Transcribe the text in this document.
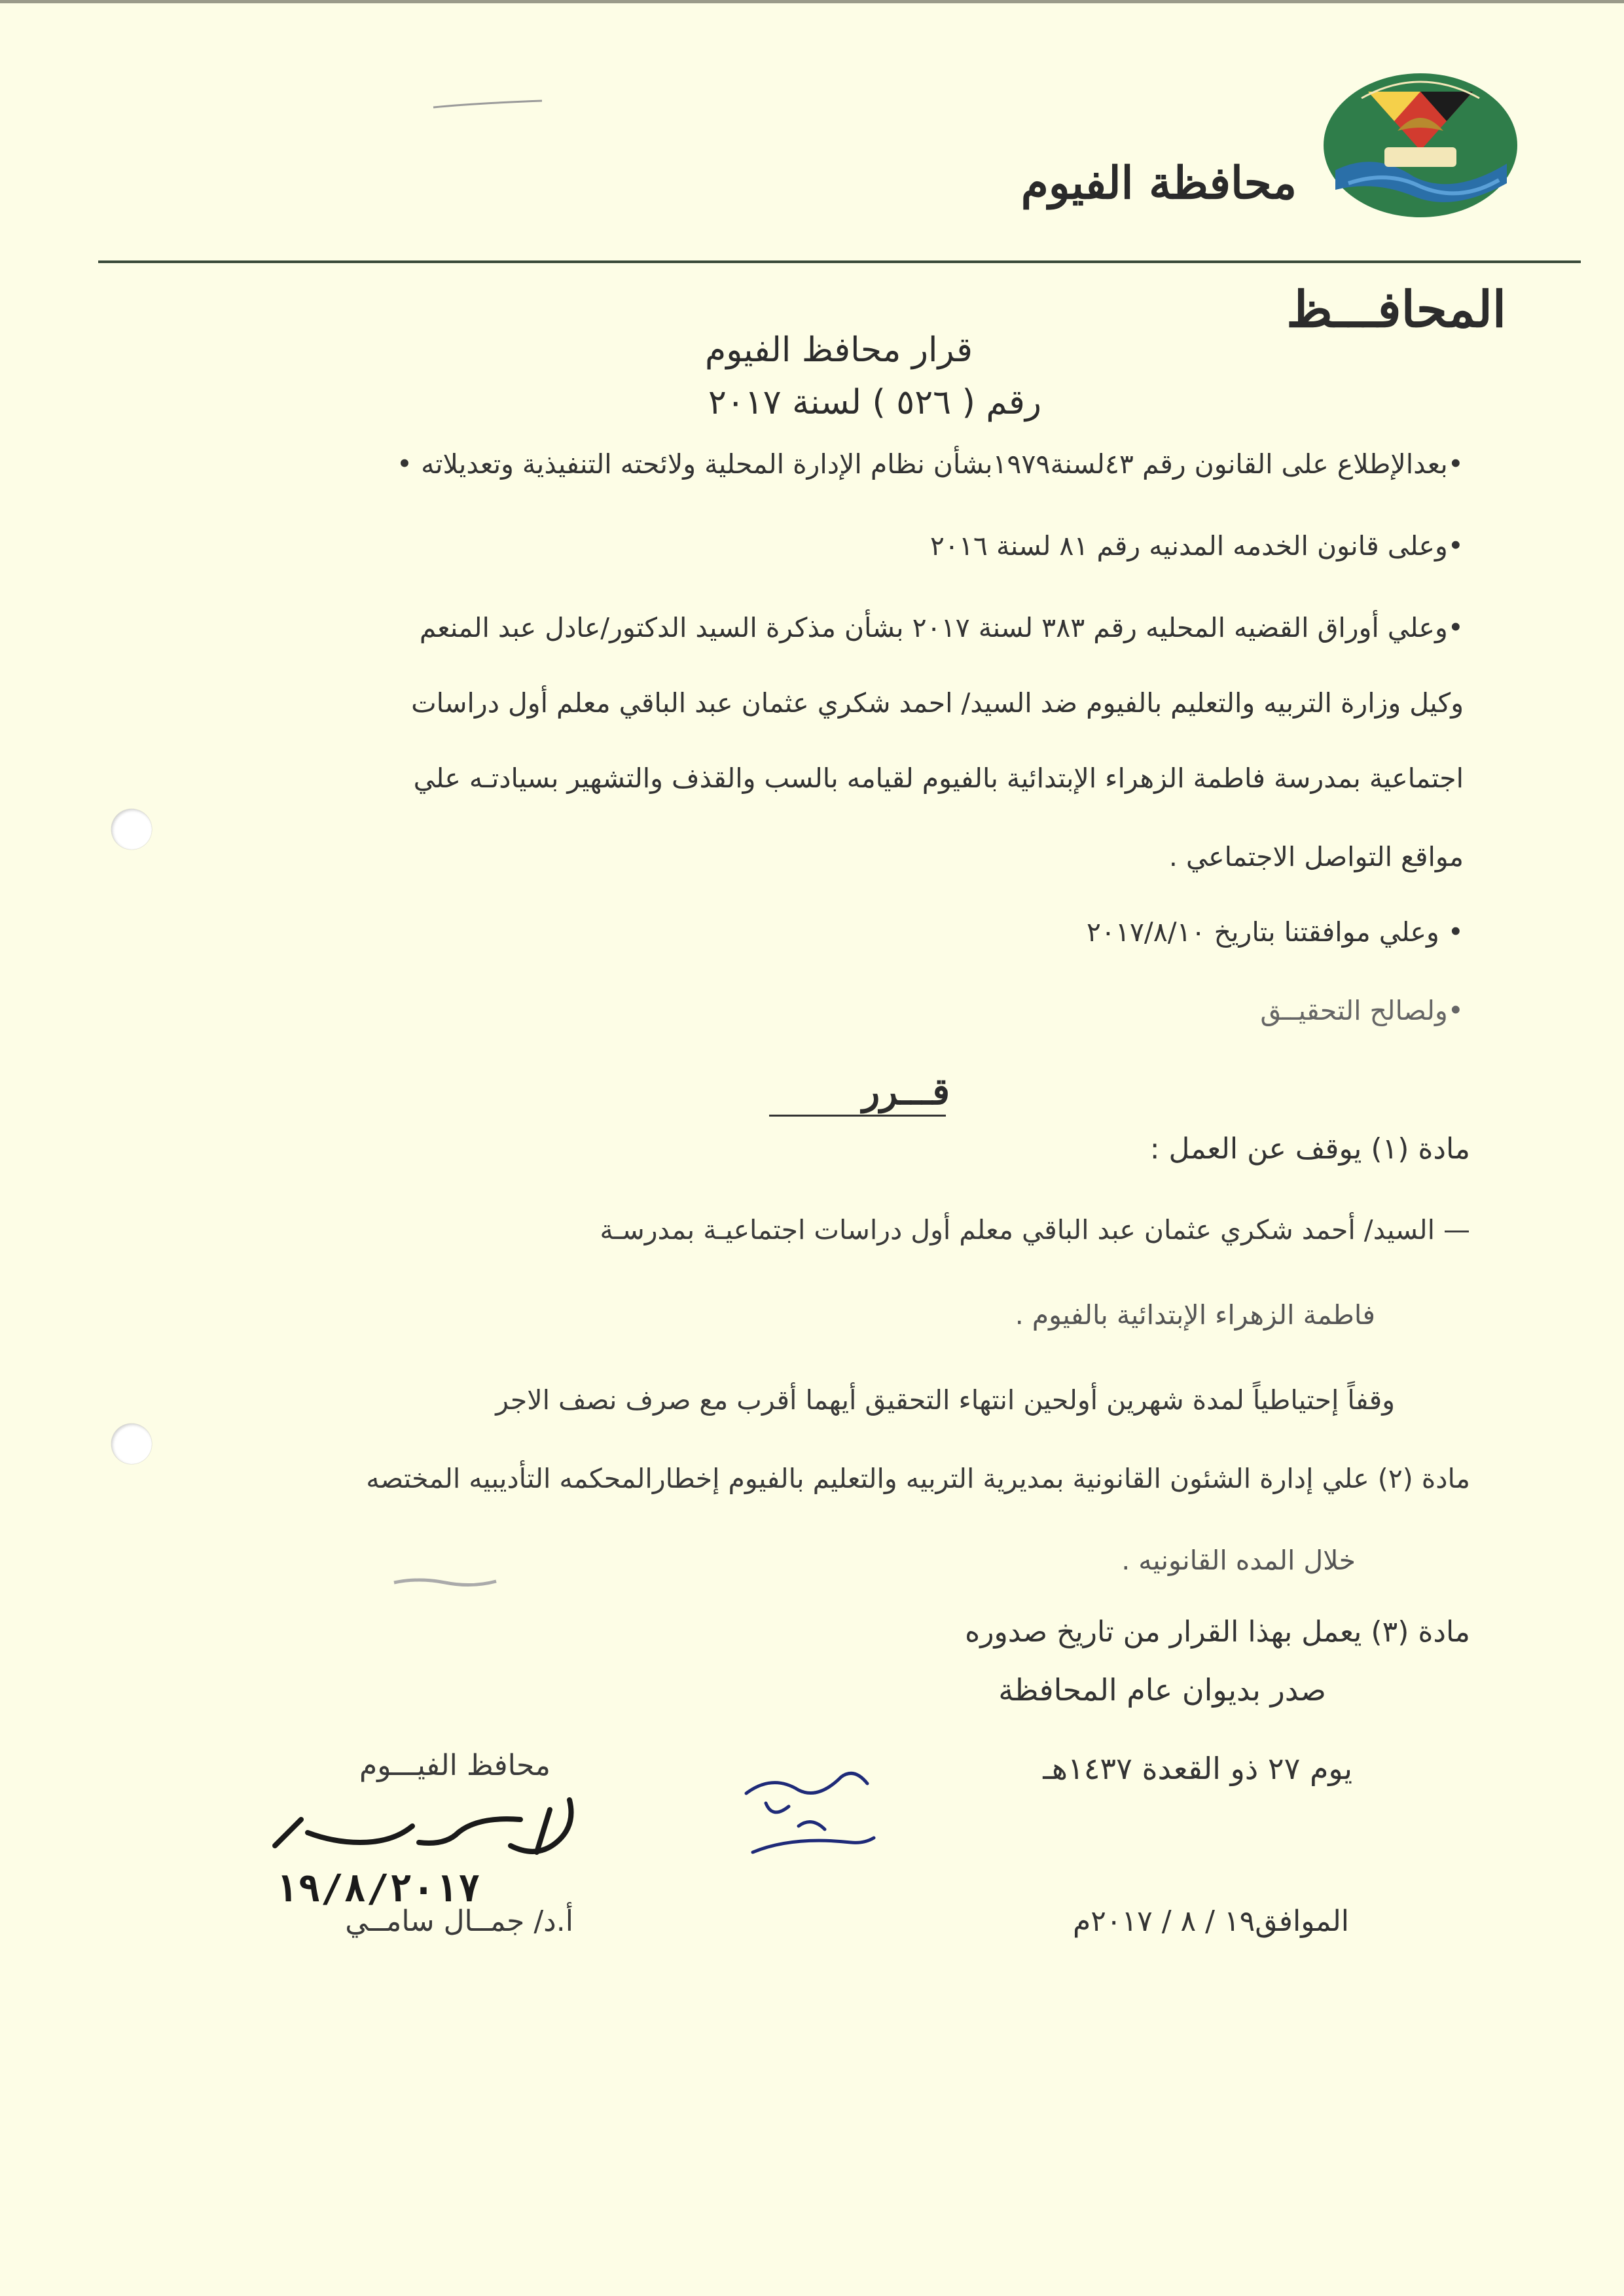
محافظة الفيوم
المحافـــظ
قرار محافظ الفيوم
رقم ( ٥٢٦ ) لسنة ٢٠١٧
•بعدالإطلاع على القانون رقم ٤٣لسنة١٩٧٩بشأن نظام الإدارة المحلية ولائحته التنفيذية وتعديلاته •
•وعلى قانون الخدمه المدنيه رقم ٨١ لسنة ٢٠١٦
•وعلي أوراق القضيه المحليه رقم ٣٨٣ لسنة ٢٠١٧ بشأن مذكرة السيد الدكتور/عادل عبد المنعم
وكيل وزارة التربيه والتعليم بالفيوم ضد السيد/ احمد شكري عثمان عبد الباقي معلم أول دراسات
اجتماعية بمدرسة فاطمة الزهراء الإبتدائية بالفيوم لقيامه بالسب والقذف والتشهير بسيادتـه علي
مواقع التواصل الاجتماعي .
• وعلي موافقتنا بتاريخ ٢٠١٧/٨/١٠
•ولصالح التحقيــق
قـــرر
مادة (١) يوقف عن العمل :
— السيد/ أحمد شكري عثمان عبد الباقي معلم أول دراسات اجتماعيـة بمدرسـة
فاطمة الزهراء الإبتدائية بالفيوم .
وقفاً إحتياطياً لمدة شهرين أولحين انتهاء التحقيق أيهما أقرب مع صرف نصف الاجر
مادة (٢) علي إدارة الشئون القانونية بمديرية التربيه والتعليم بالفيوم إخطارالمحكمه التأديبيه المختصه
خلال المده القانونيه .
مادة (٣) يعمل بهذا القرار من تاريخ صدوره
صدر بديوان عام المحافظة
محافظ الفيـــوم
١٩/٨/٢٠١٧
أ.د/ جمــال سامــي
يوم ٢٧ ذو القعدة ١٤٣٧هـ
الموافق١٩ / ٨ / ٢٠١٧م
